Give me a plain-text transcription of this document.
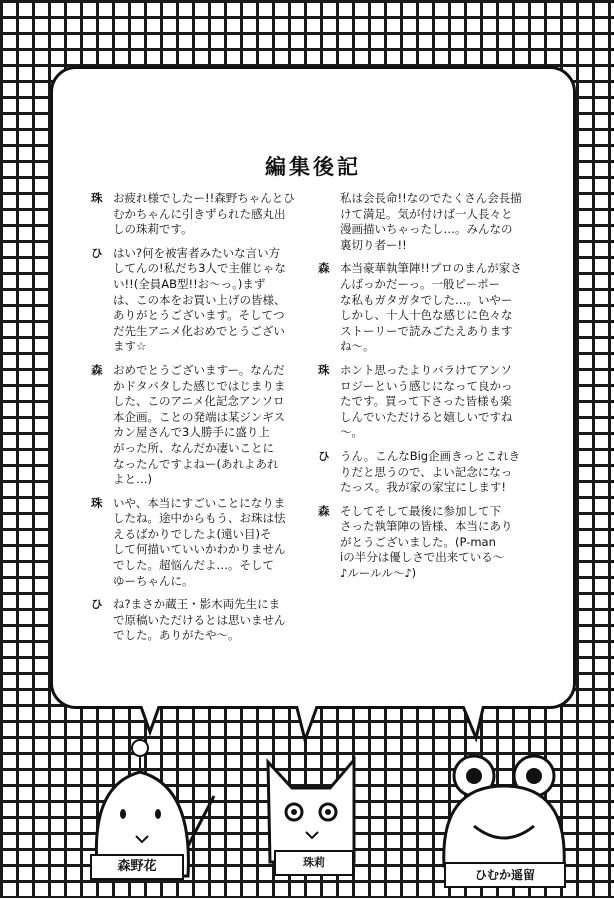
編集後記
珠 お疲れ様でしたー!!森野ちゃんとひ
むかちゃんに引きずられた感丸出
しの珠莉です。
ひ はい?何を被害者みたいな言い方
してんの!私だち3人で主催じゃな
い!!(全員AB型!!お〜っ。)まず
は、この本をお買い上げの皆様、
ありがとうございます。そしてつ
だ先生アニメ化おめでとうござい
ます☆
森 おめでとうございますー。なんだ
かドタバタした感じではじまりま
した、このアニメ化記念アンソロ
本企画。ことの発端は某ジンギス
カン屋さんで3人勝手に盛り上
がった所、なんだか凄いことに
なったんですよねー(あれよあれ
よと…)
珠 いや、本当にすごいことになりま
したね。途中からもう、お珠は怯
えるばかりでしたよ(遠い目)そ
して何描いていいかわかりません
でした。超悩んだよ…。そして
ゆーちゃんに。
ひ ね?まさか蔵王・影木両先生にま
で原稿いただけるとは思いません
でした。ありがたや〜。
私は会長命!!なのでたくさん会長描
けて満足。気が付けば一人長々と
漫画描いちゃったし…。みんなの
裏切り者ー!!
森 本当豪華執筆陣!!プロのまんが家さ
んばっかだーっ。一般ピーポー
な私もガタガタでした…。いやー
しかし、十人十色な感じに色々な
ストーリーで読みごたえあります
ね〜。
珠 ホント思ったよりバラけてアンソ
ロジーという感じになって良かっ
たです。買って下さった皆様も楽
しんでいただけると嬉しいですね
〜。
ひ うん。こんなBig企画きっとこれき
りだと思うので、よい記念になっ
たっス。我が家の家宝にします!
森 そしてそして最後に参加して下
さった執筆陣の皆様、本当にあり
がとうございました。(P-man
iの半分は優しさで出来ている〜
♪ルールル〜♪)
森野花	珠莉
ひむか遥留
